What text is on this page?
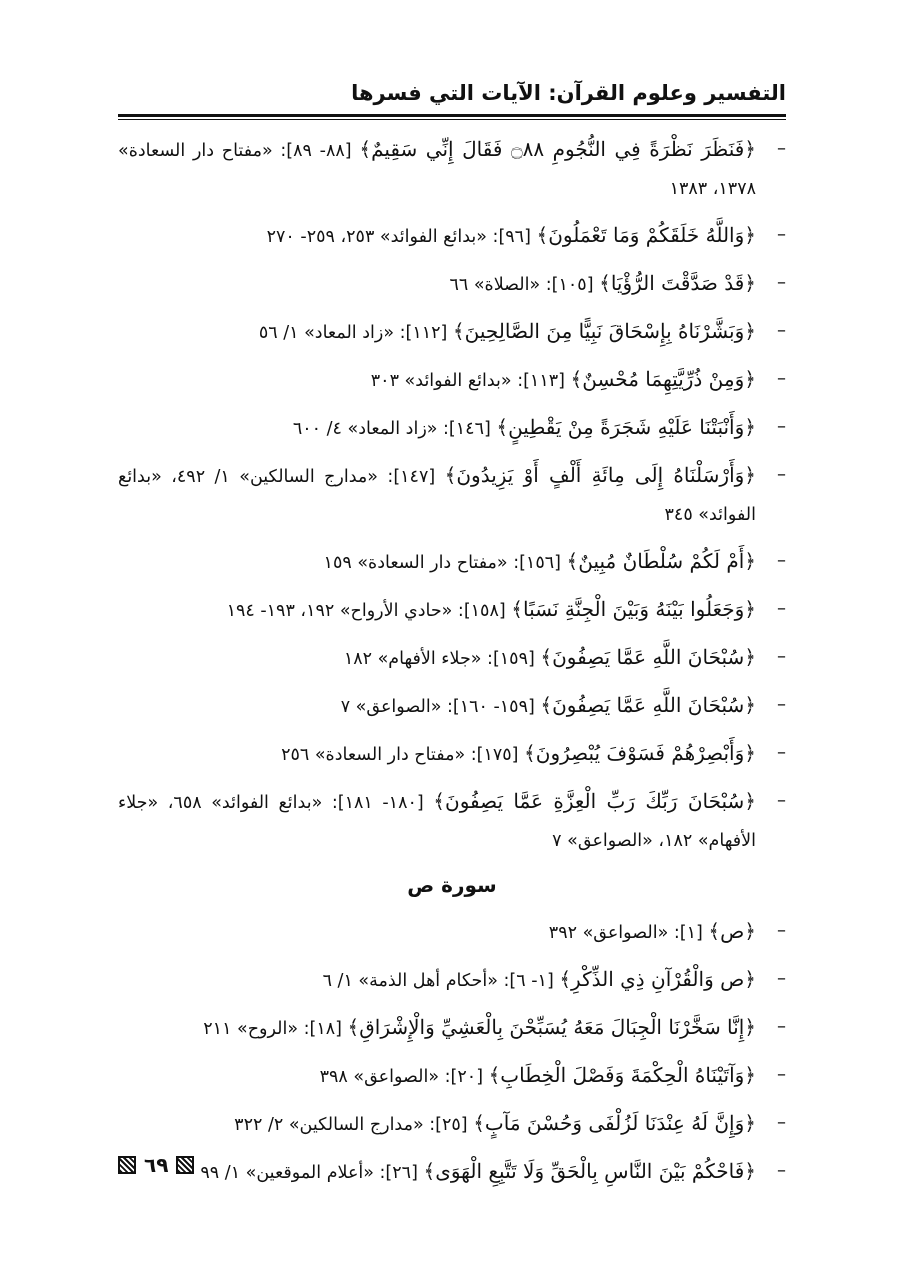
التفسير وعلوم القرآن: الآيات التي فسرها
–
﴿فَنَظَرَ نَظْرَةً فِي النُّجُومِ ۝٨٨ فَقَالَ إِنِّي سَقِيمٌ﴾ [٨٨- ٨٩]: «مفتاح دار السعادة» ١٣٧٨، ١٣٨٣
–
﴿وَاللَّهُ خَلَقَكُمْ وَمَا تَعْمَلُونَ﴾ [٩٦]: «بدائع الفوائد» ٢٥٣، ٢٥٩- ٢٧٠
–
﴿قَدْ صَدَّقْتَ الرُّؤْيَا﴾ [١٠٥]: «الصلاة» ٦٦
–
﴿وَبَشَّرْنَاهُ بِإِسْحَاقَ نَبِيًّا مِنَ الصَّالِحِينَ﴾ [١١٢]: «زاد المعاد» ١/ ٥٦
–
﴿وَمِنْ ذُرِّيَّتِهِمَا مُحْسِنٌ﴾ [١١٣]: «بدائع الفوائد» ٣٠٣
–
﴿وَأَنْبَتْنَا عَلَيْهِ شَجَرَةً مِنْ يَقْطِينٍ﴾ [١٤٦]: «زاد المعاد» ٤/ ٦٠٠
–
﴿وَأَرْسَلْنَاهُ إِلَى مِائَةِ أَلْفٍ أَوْ يَزِيدُونَ﴾ [١٤٧]: «مدارج السالكين» ١/ ٤٩٢، «بدائع الفوائد» ٣٤٥
–
﴿أَمْ لَكُمْ سُلْطَانٌ مُبِينٌ﴾ [١٥٦]: «مفتاح دار السعادة» ١٥٩
–
﴿وَجَعَلُوا بَيْنَهُ وَبَيْنَ الْجِنَّةِ نَسَبًا﴾ [١٥٨]: «حادي الأرواح» ١٩٢، ١٩٣- ١٩٤
–
﴿سُبْحَانَ اللَّهِ عَمَّا يَصِفُونَ﴾ [١٥٩]: «جلاء الأفهام» ١٨٢
–
﴿سُبْحَانَ اللَّهِ عَمَّا يَصِفُونَ﴾ [١٥٩- ١٦٠]: «الصواعق» ٧
–
﴿وَأَبْصِرْهُمْ فَسَوْفَ يُبْصِرُونَ﴾ [١٧٥]: «مفتاح دار السعادة» ٢٥٦
–
﴿سُبْحَانَ رَبِّكَ رَبِّ الْعِزَّةِ عَمَّا يَصِفُونَ﴾ [١٨٠- ١٨١]: «بدائع الفوائد» ٦٥٨، «جلاء الأفهام» ١٨٢، «الصواعق» ٧
سورة ص
–
﴿ص﴾ [١]: «الصواعق» ٣٩٢
–
﴿ص وَالْقُرْآنِ ذِي الذِّكْرِ﴾ [١- ٦]: «أحكام أهل الذمة» ١/ ٦
–
﴿إِنَّا سَخَّرْنَا الْجِبَالَ مَعَهُ يُسَبِّحْنَ بِالْعَشِيِّ وَالْإِشْرَاقِ﴾ [١٨]: «الروح» ٢١١
–
﴿وَآتَيْنَاهُ الْحِكْمَةَ وَفَصْلَ الْخِطَابِ﴾ [٢٠]: «الصواعق» ٣٩٨
–
﴿وَإِنَّ لَهُ عِنْدَنَا لَزُلْفَى وَحُسْنَ مَآبٍ﴾ [٢٥]: «مدارج السالكين» ٢/ ٣٢٢
–
﴿فَاحْكُمْ بَيْنَ النَّاسِ بِالْحَقِّ وَلَا تَتَّبِعِ الْهَوَى﴾ [٢٦]: «أعلام الموقعين» ١/ ٩٩
٦٩
